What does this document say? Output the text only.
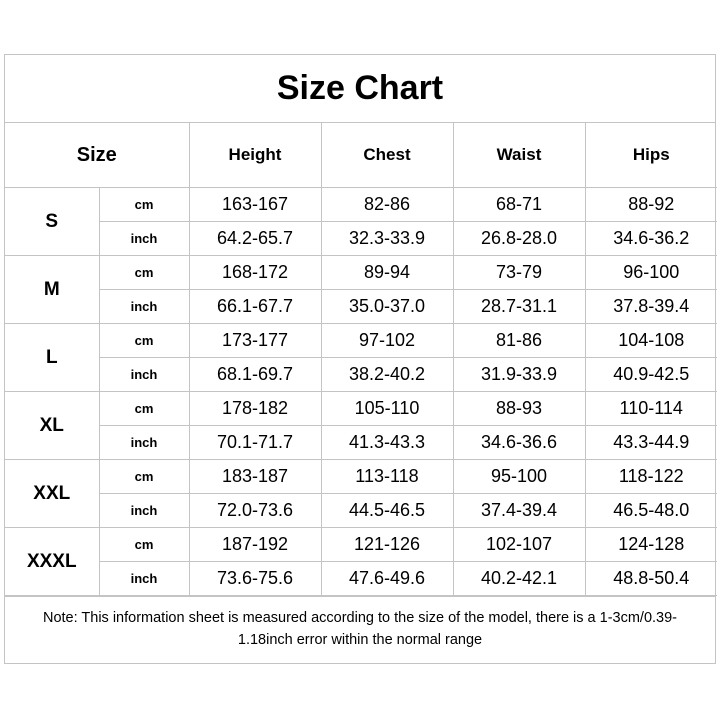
Size Chart
Size		Height	Chest	Waist	Hips
S	cm	163-167	82-86	68-71	88-92
	inch	64.2-65.7	32.3-33.9	26.8-28.0	34.6-36.2
M	cm	168-172	89-94	73-79	96-100
	inch	66.1-67.7	35.0-37.0	28.7-31.1	37.8-39.4
L	cm	173-177	97-102	81-86	104-108
	inch	68.1-69.7	38.2-40.2	31.9-33.9	40.9-42.5
XL	cm	178-182	105-110	88-93	110-114
	inch	70.1-71.7	41.3-43.3	34.6-36.6	43.3-44.9
XXL	cm	183-187	113-118	95-100	118-122
	inch	72.0-73.6	44.5-46.5	37.4-39.4	46.5-48.0
XXXL	cm	187-192	121-126	102-107	124-128
	inch	73.6-75.6	47.6-49.6	40.2-42.1	48.8-50.4
Note: This information sheet is measured according to the size of the model, there is a 1-3cm/0.39-1.18inch error within the normal range
